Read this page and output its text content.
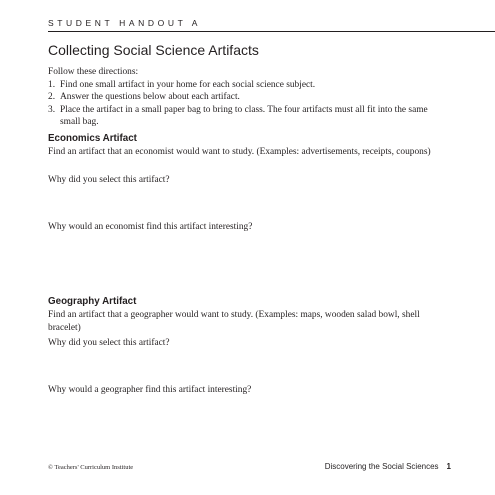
STUDENT HANDOUT A
Collecting Social Science Artifacts
Follow these directions:
1. Find one small artifact in your home for each social science subject.
2. Answer the questions below about each artifact.
3. Place the artifact in a small paper bag to bring to class. The four artifacts must all fit into the same small bag.
Economics Artifact

Find an artifact that an economist would want to study. (Examples: advertisements, receipts, coupons)

Why did you select this artifact?

Why would an economist find this artifact interesting?

Geography Artifact

Find an artifact that a geographer would want to study. (Examples: maps, wooden salad bowl, shell bracelet)

Why did you select this artifact?

Why would a geographer find this artifact interesting?

© Teachers' Curriculum Institute	Discovering the Social Sciences 1
